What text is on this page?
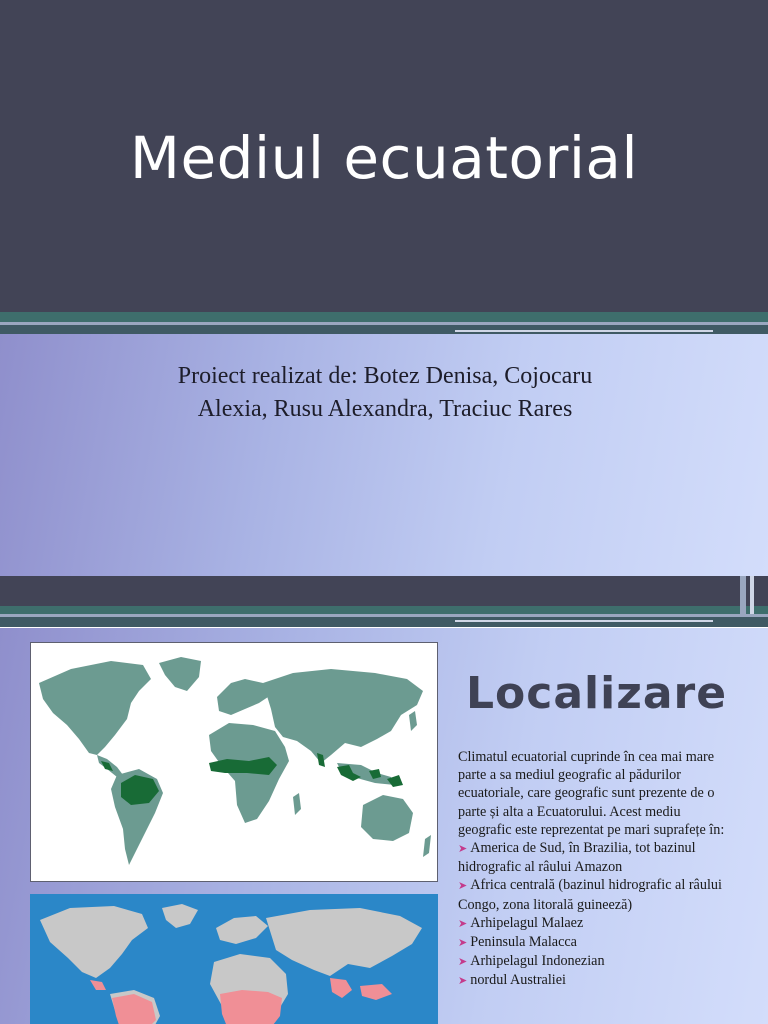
Mediul ecuatorial
Proiect realizat de: Botez Denisa, Cojocaru
Alexia, Rusu Alexandra, Traciuc Rares
Localizare

Climatul ecuatorial cuprinde în cea mai mare parte a sa mediul geografic al pădurilor ecuatoriale, care geografic sunt prezente de o parte și alta a Ecuatorului. Acest mediu geografic este reprezentat pe mari suprafețe în:

➤ America de Sud, în Brazilia, tot bazinul hidrografic al râului Amazon
➤ Africa centrală (bazinul hidrografic al râului Congo, zona litorală guineeză)
➤ Arhipelagul Malaez
➤ Peninsula Malacca
➤ Arhipelagul Indonezian
➤ nordul Australiei
